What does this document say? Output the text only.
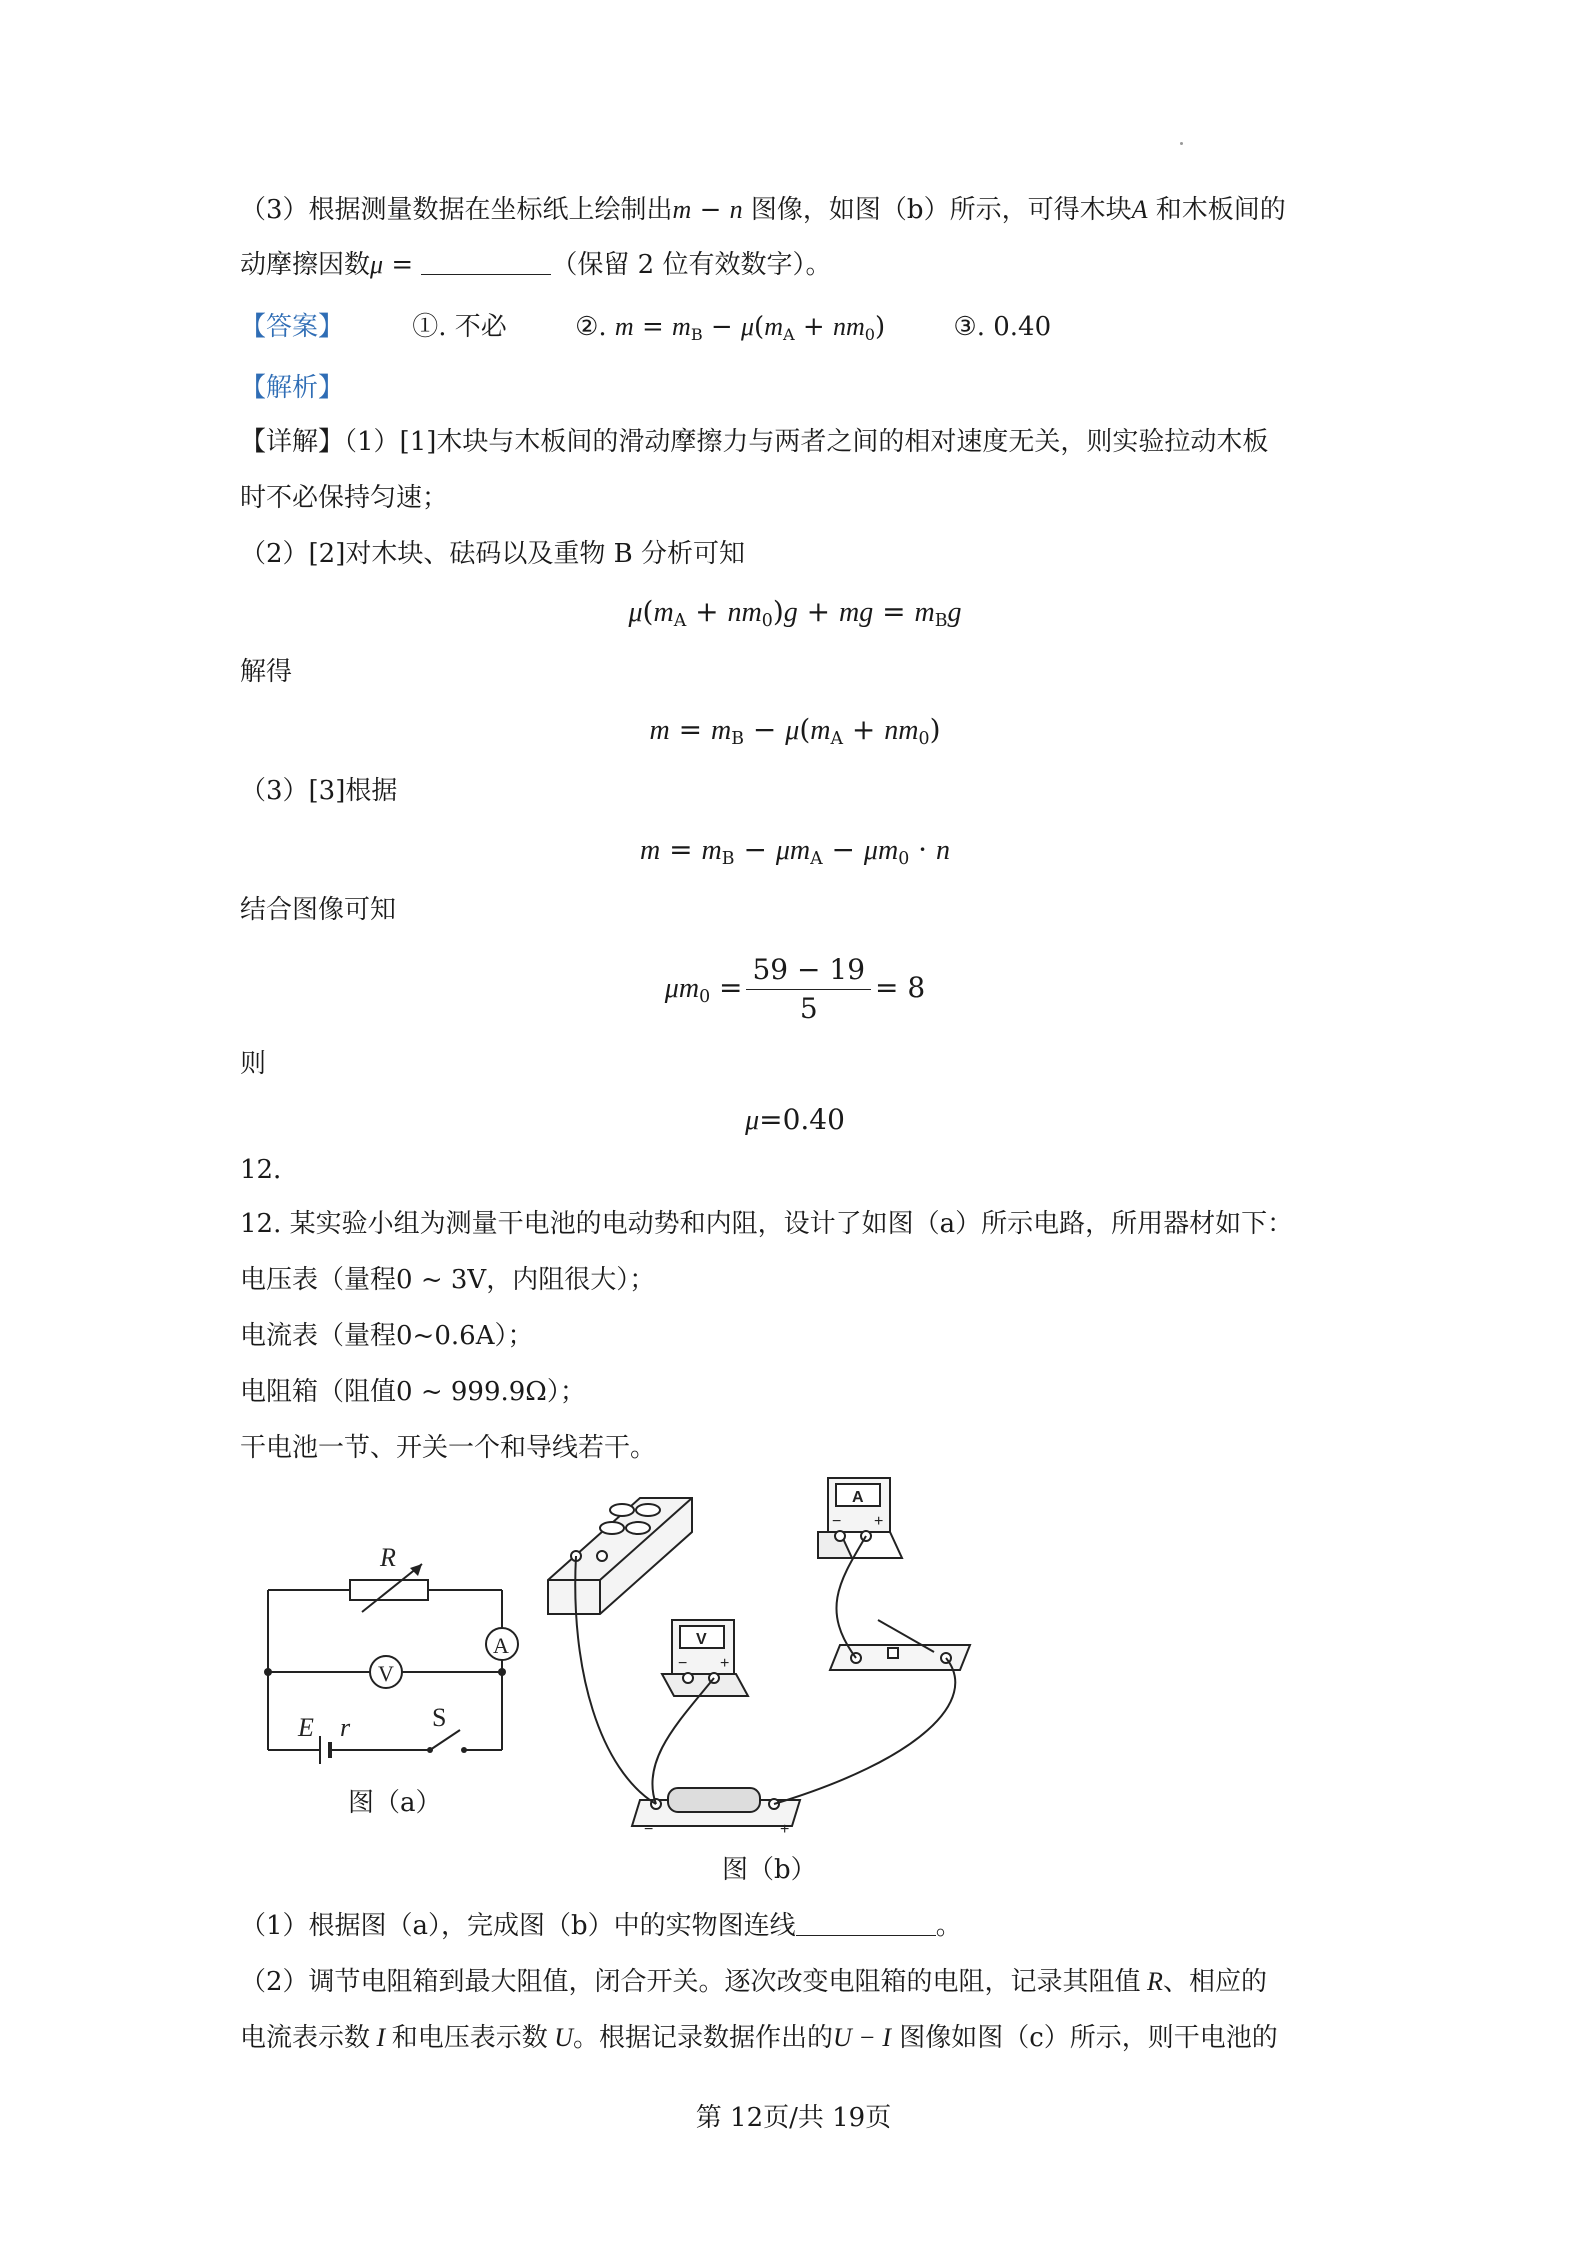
（3）根据测量数据在坐标纸上绘制出m − n 图像，如图（b）所示，可得木块A 和木板间的
动摩擦因数μ =	（保留 2 位有效数字）。
【答案】	①. 不必	②. $m = m_B - \mu(m_A + nm_0)$	③. 0.40
【解析】
【详解】（1）[1]木块与木板间的滑动摩擦力与两者之间的相对速度无关，则实验拉动木板
时不必保持匀速；
（2）[2]对木块、砝码以及重物 B 分析可知
$\mu(m_A + nm_0)g$ + mg = $m_Bg$
解得
$m = m_B - \mu(m_A + nm_0)$
（3）[3]根据
$m = m_B - \mu m_A - \mu m_0 \cdot n$
结合图像可知
$\mu m_0 = \frac{59 - 19}{5} = 8$
则
μ=0.40
12．
12. 某实验小组为测量干电池的电动势和内阻，设计了如图（a）所示电路，所用器材如下：
电压表（量程0 ~ 3V，内阻很大）；
电流表（量程0~0.6A）；
电阻箱（阻值0 ~ 999.9Ω）；
干电池一节、开关一个和导线若干。
R
A
V
E r	S
图（a）
A
V
− +
− +
−	+
图（b）
（1）根据图（a），完成图（b）中的实物图连线	。
（2）调节电阻箱到最大阻值，闭合开关。逐次改变电阻箱的电阻，记录其阻值 R、相应的
电流表示数 I 和电压表示数 U。根据记录数据作出的U − I 图像如图（c）所示，则干电池的
第 12页/共 19页
